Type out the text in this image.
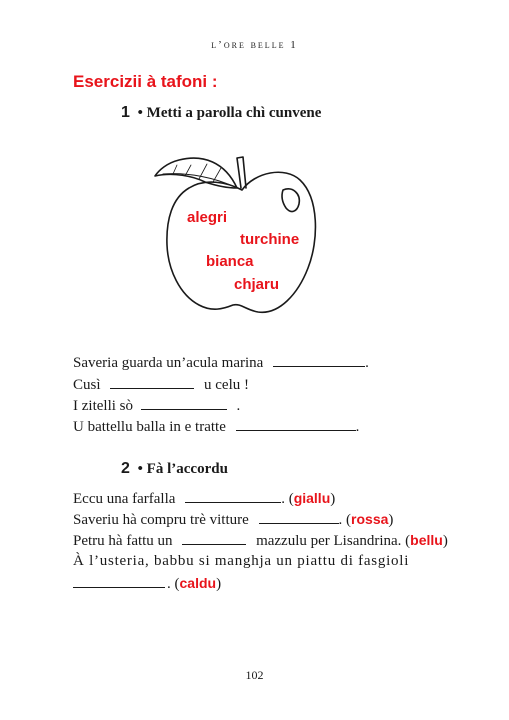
l’ore belle 1
Esercizii à tafoni :
1 • Metti a parolla chì cunvene
alegri
turchine
bianca
chjaru
Saveria guarda un’acula marina	.
Cusì	u celu !
I zitelli sò	.
U battellu balla in e tratte	.
2 • Fà l’accordu
Eccu una farfalla	. (giallu)
Saveriu hà compru trè vitture	. (rossa)
Petru hà fattu un	mazzulu per Lisandrina. (bellu)
À l’usteria, babbu si manghja un piattu di fasgioli
. (caldu)
102
